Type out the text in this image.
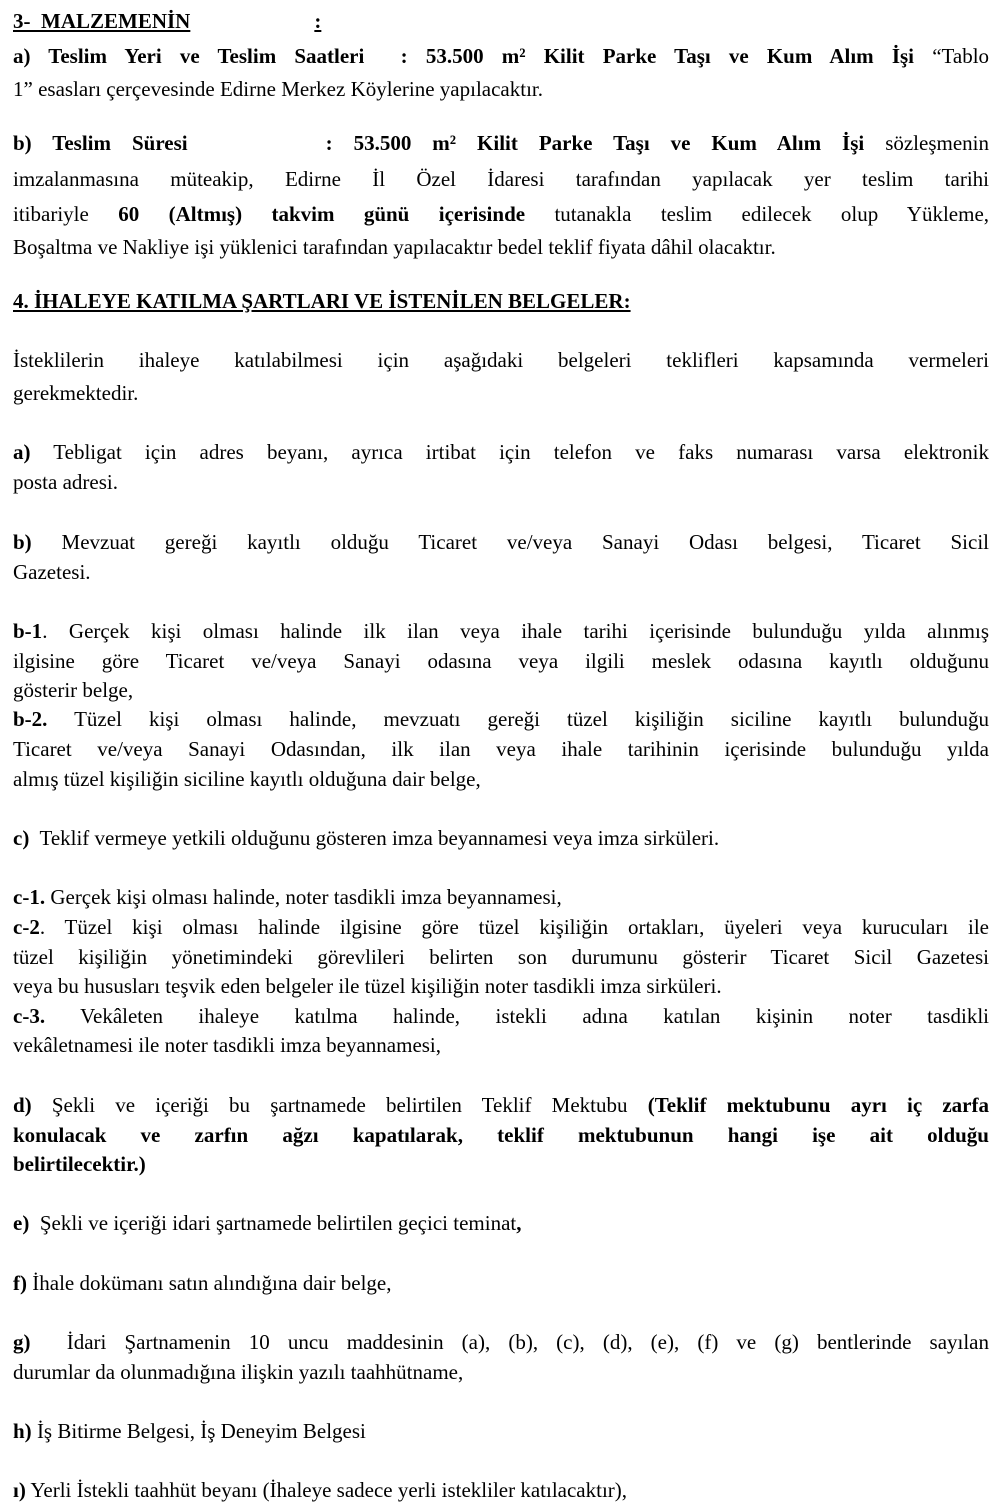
3- MALZEMENİN	:
a) Teslim Yeri ve Teslim Saatleri : 53.500 m² Kilit Parke Taşı ve Kum Alım İşi “Tablo
1” esasları çerçevesinde Edirne Merkez Köylerine yapılacaktır.
b) Teslim Süresi	: 53.500 m² Kilit Parke Taşı ve Kum Alım İşi sözleşmenin
imzalanmasına müteakip, Edirne İl Özel İdaresi tarafından yapılacak yer teslim tarihi
itibariyle 60 (Altmış) takvim günü içerisinde tutanakla teslim edilecek olup Yükleme,
Boşaltma ve Nakliye işi yüklenici tarafından yapılacaktır bedel teklif fiyata dâhil olacaktır.
4. İHALEYE KATILMA ŞARTLARI VE İSTENİLEN BELGELER:
İsteklilerin ihaleye katılabilmesi için aşağıdaki belgeleri teklifleri kapsamında vermeleri
gerekmektedir.
a) Tebligat için adres beyanı, ayrıca irtibat için telefon ve faks numarası varsa elektronik
posta adresi.
b) Mevzuat gereği kayıtlı olduğu Ticaret ve/veya Sanayi Odası belgesi, Ticaret Sicil
Gazetesi.
b-1. Gerçek kişi olması halinde ilk ilan veya ihale tarihi içerisinde bulunduğu yılda alınmış
ilgisine göre Ticaret ve/veya Sanayi odasına veya ilgili meslek odasına kayıtlı olduğunu
gösterir belge,
b-2. Tüzel kişi olması halinde, mevzuatı gereği tüzel kişiliğin siciline kayıtlı bulunduğu
Ticaret ve/veya Sanayi Odasından, ilk ilan veya ihale tarihinin içerisinde bulunduğu yılda
almış tüzel kişiliğin siciline kayıtlı olduğuna dair belge,
c) Teklif vermeye yetkili olduğunu gösteren imza beyannamesi veya imza sirküleri.
c-1. Gerçek kişi olması halinde, noter tasdikli imza beyannamesi,
c-2. Tüzel kişi olması halinde ilgisine göre tüzel kişiliğin ortakları, üyeleri veya kurucuları ile
tüzel kişiliğin yönetimindeki görevlileri belirten son durumunu gösterir Ticaret Sicil Gazetesi
veya bu hususları teşvik eden belgeler ile tüzel kişiliğin noter tasdikli imza sirküleri.
c-3. Vekâleten ihaleye katılma halinde, istekli adına katılan kişinin noter tasdikli
vekâletnamesi ile noter tasdikli imza beyannamesi,
d) Şekli ve içeriği bu şartnamede belirtilen Teklif Mektubu (Teklif mektubunu ayrı iç zarfa
konulacak ve zarfın ağzı kapatılarak, teklif mektubunun hangi işe ait olduğu
belirtilecektir.)
e) Şekli ve içeriği idari şartnamede belirtilen geçici teminat,
f) İhale dokümanı satın alındığına dair belge,
g) İdari Şartnamenin 10 uncu maddesinin (a), (b), (c), (d), (e), (f) ve (g) bentlerinde sayılan
durumlar da olunmadığına ilişkin yazılı taahhütname,
h) İş Bitirme Belgesi, İş Deneyim Belgesi
ı) Yerli İstekli taahhüt beyanı (İhaleye sadece yerli istekliler katılacaktır),
